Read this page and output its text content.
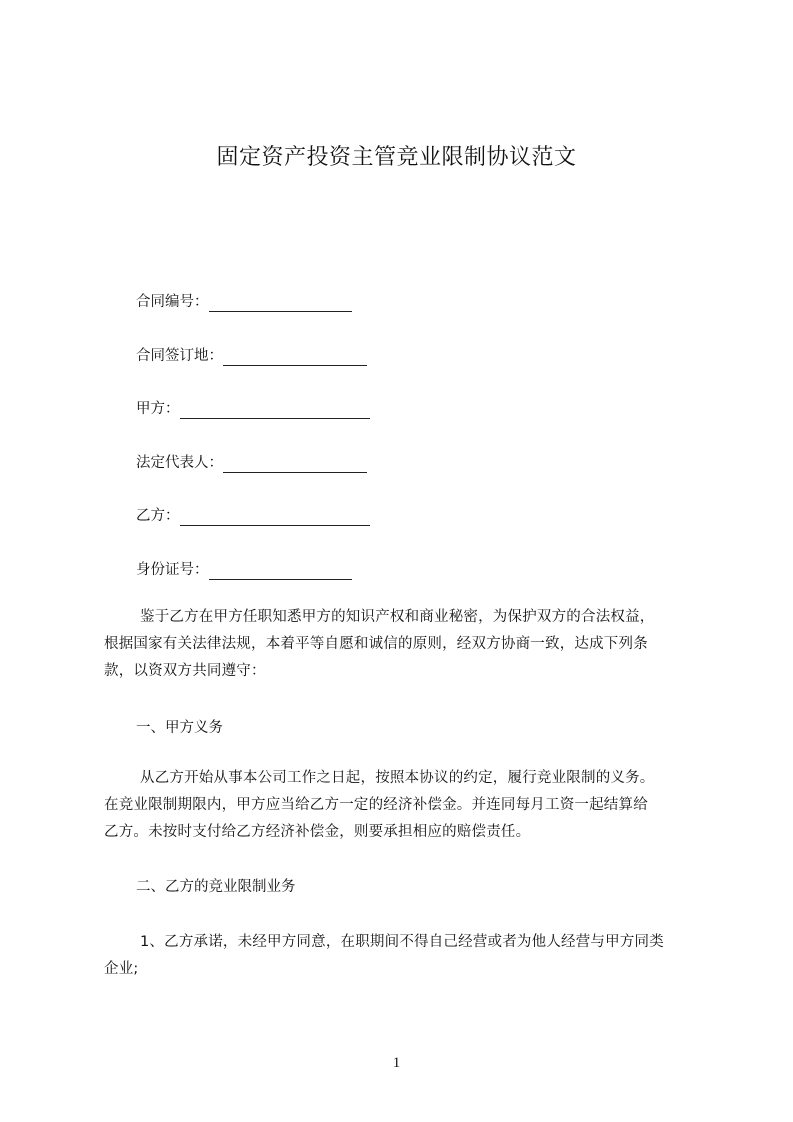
固定资产投资主管竞业限制协议范文
合同编号：
合同签订地：
甲方：
法定代表人：
乙方：
身份证号：
鉴于乙方在甲方任职知悉甲方的知识产权和商业秘密，为保护双方的合法权益，
根据国家有关法律法规，本着平等自愿和诚信的原则，经双方协商一致，达成下列条
款，以资双方共同遵守：
一、甲方义务
从乙方开始从事本公司工作之日起，按照本协议的约定，履行竞业限制的义务。
在竞业限制期限内，甲方应当给乙方一定的经济补偿金。并连同每月工资一起结算给
乙方。未按时支付给乙方经济补偿金，则要承担相应的赔偿责任。
二、乙方的竞业限制业务
1、乙方承诺，未经甲方同意，在职期间不得自己经营或者为他人经营与甲方同类
企业;
1
